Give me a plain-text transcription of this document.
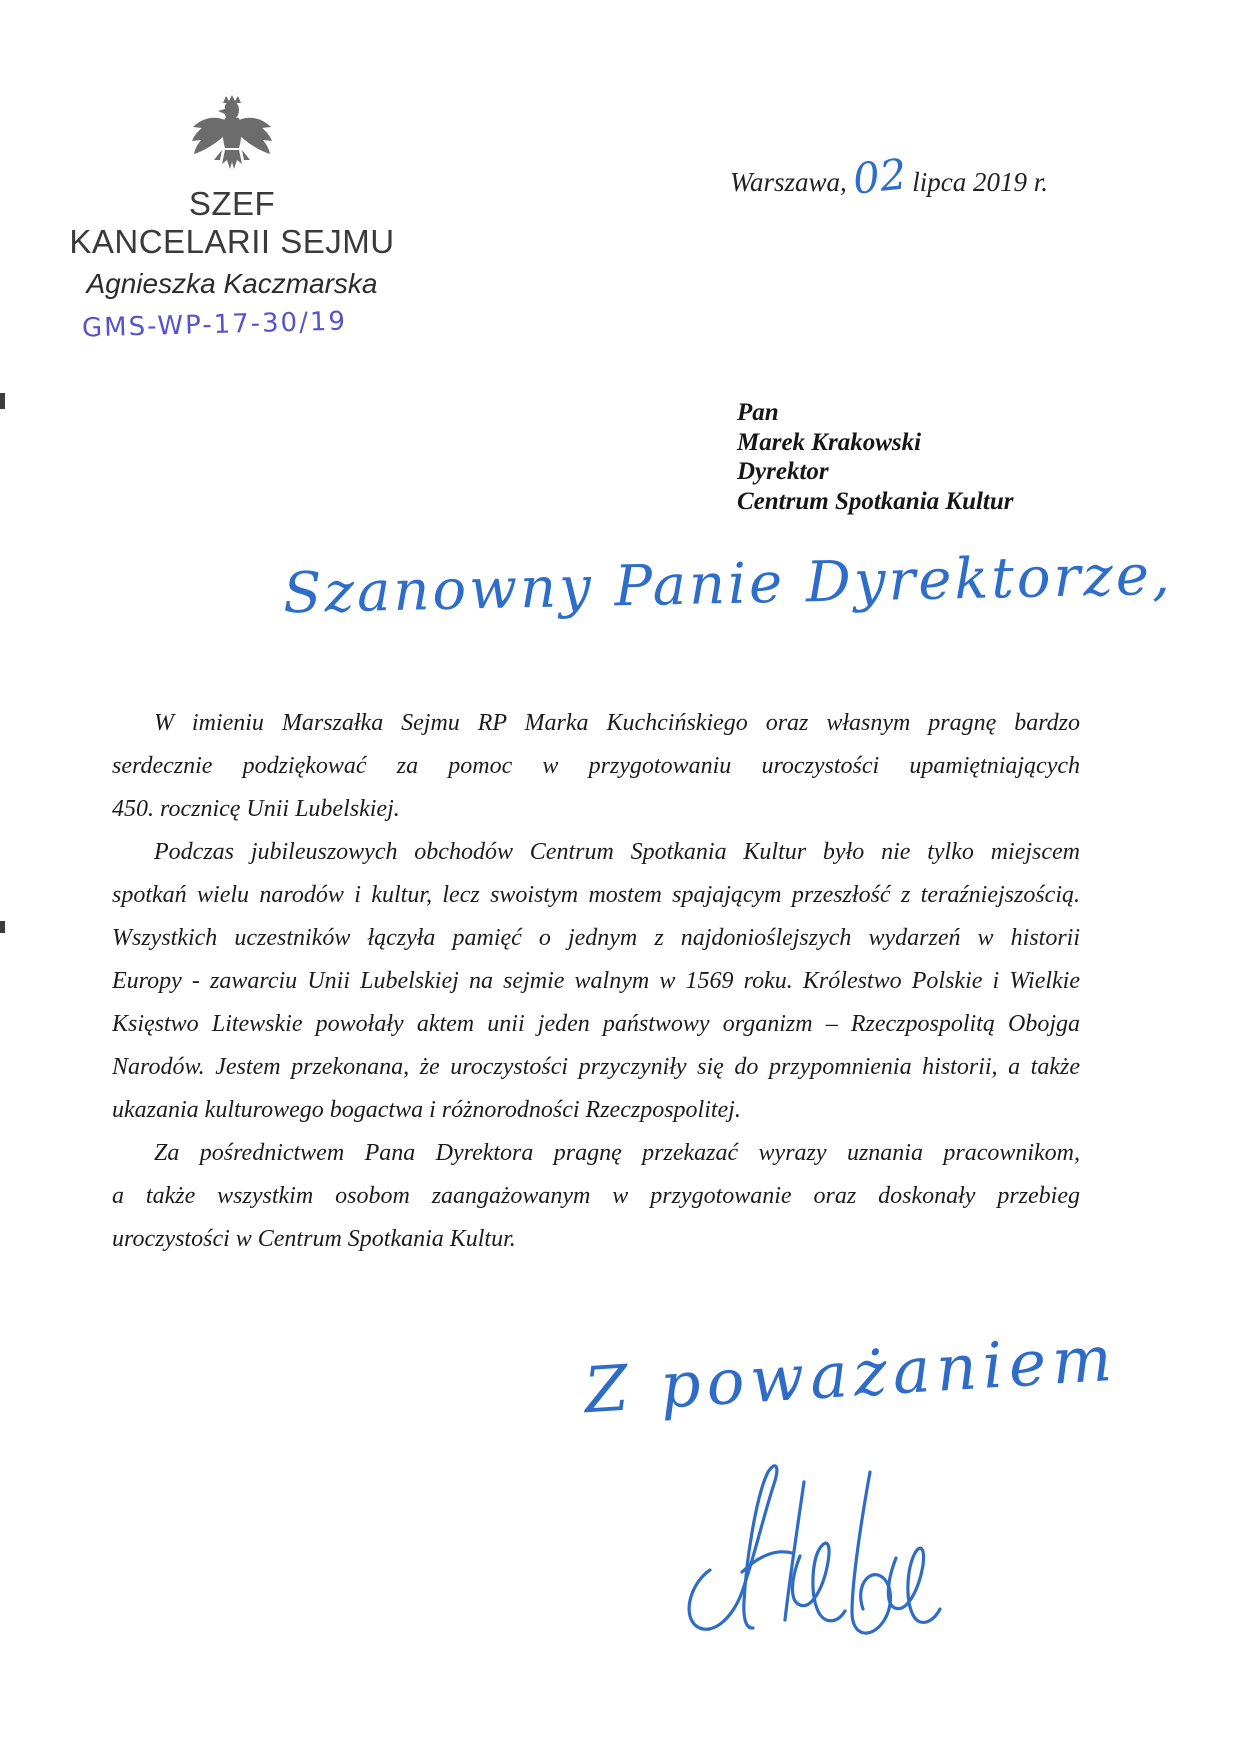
SZEF
KANCELARII SEJMU
Agnieszka Kaczmarska
GMS-WP-17-30/19
Warszawa, 02 lipca 2019 r.
Pan
Marek Krakowski
Dyrektor
Centrum Spotkania Kultur
Szanowny Panie Dyrektorze,
W imieniu Marszałka Sejmu RP Marka Kuchcińskiego oraz własnym pragnę bardzo
serdecznie podziękować za pomoc w przygotowaniu uroczystości upamiętniających
450. rocznicę Unii Lubelskiej.
Podczas jubileuszowych obchodów Centrum Spotkania Kultur było nie tylko miejscem
spotkań wielu narodów i kultur, lecz swoistym mostem spajającym przeszłość z teraźniejszością.
Wszystkich uczestników łączyła pamięć o jednym z najdonioślejszych wydarzeń w historii
Europy - zawarciu Unii Lubelskiej na sejmie walnym w 1569 roku. Królestwo Polskie i Wielkie
Księstwo Litewskie powołały aktem unii jeden państwowy organizm – Rzeczpospolitą Obojga
Narodów. Jestem przekonana, że uroczystości przyczyniły się do przypomnienia historii, a także
ukazania kulturowego bogactwa i różnorodności Rzeczpospolitej.
Za pośrednictwem Pana Dyrektora pragnę przekazać wyrazy uznania pracownikom,
a także wszystkim osobom zaangażowanym w przygotowanie oraz doskonały przebieg
uroczystości w Centrum Spotkania Kultur.
Z poważaniem
